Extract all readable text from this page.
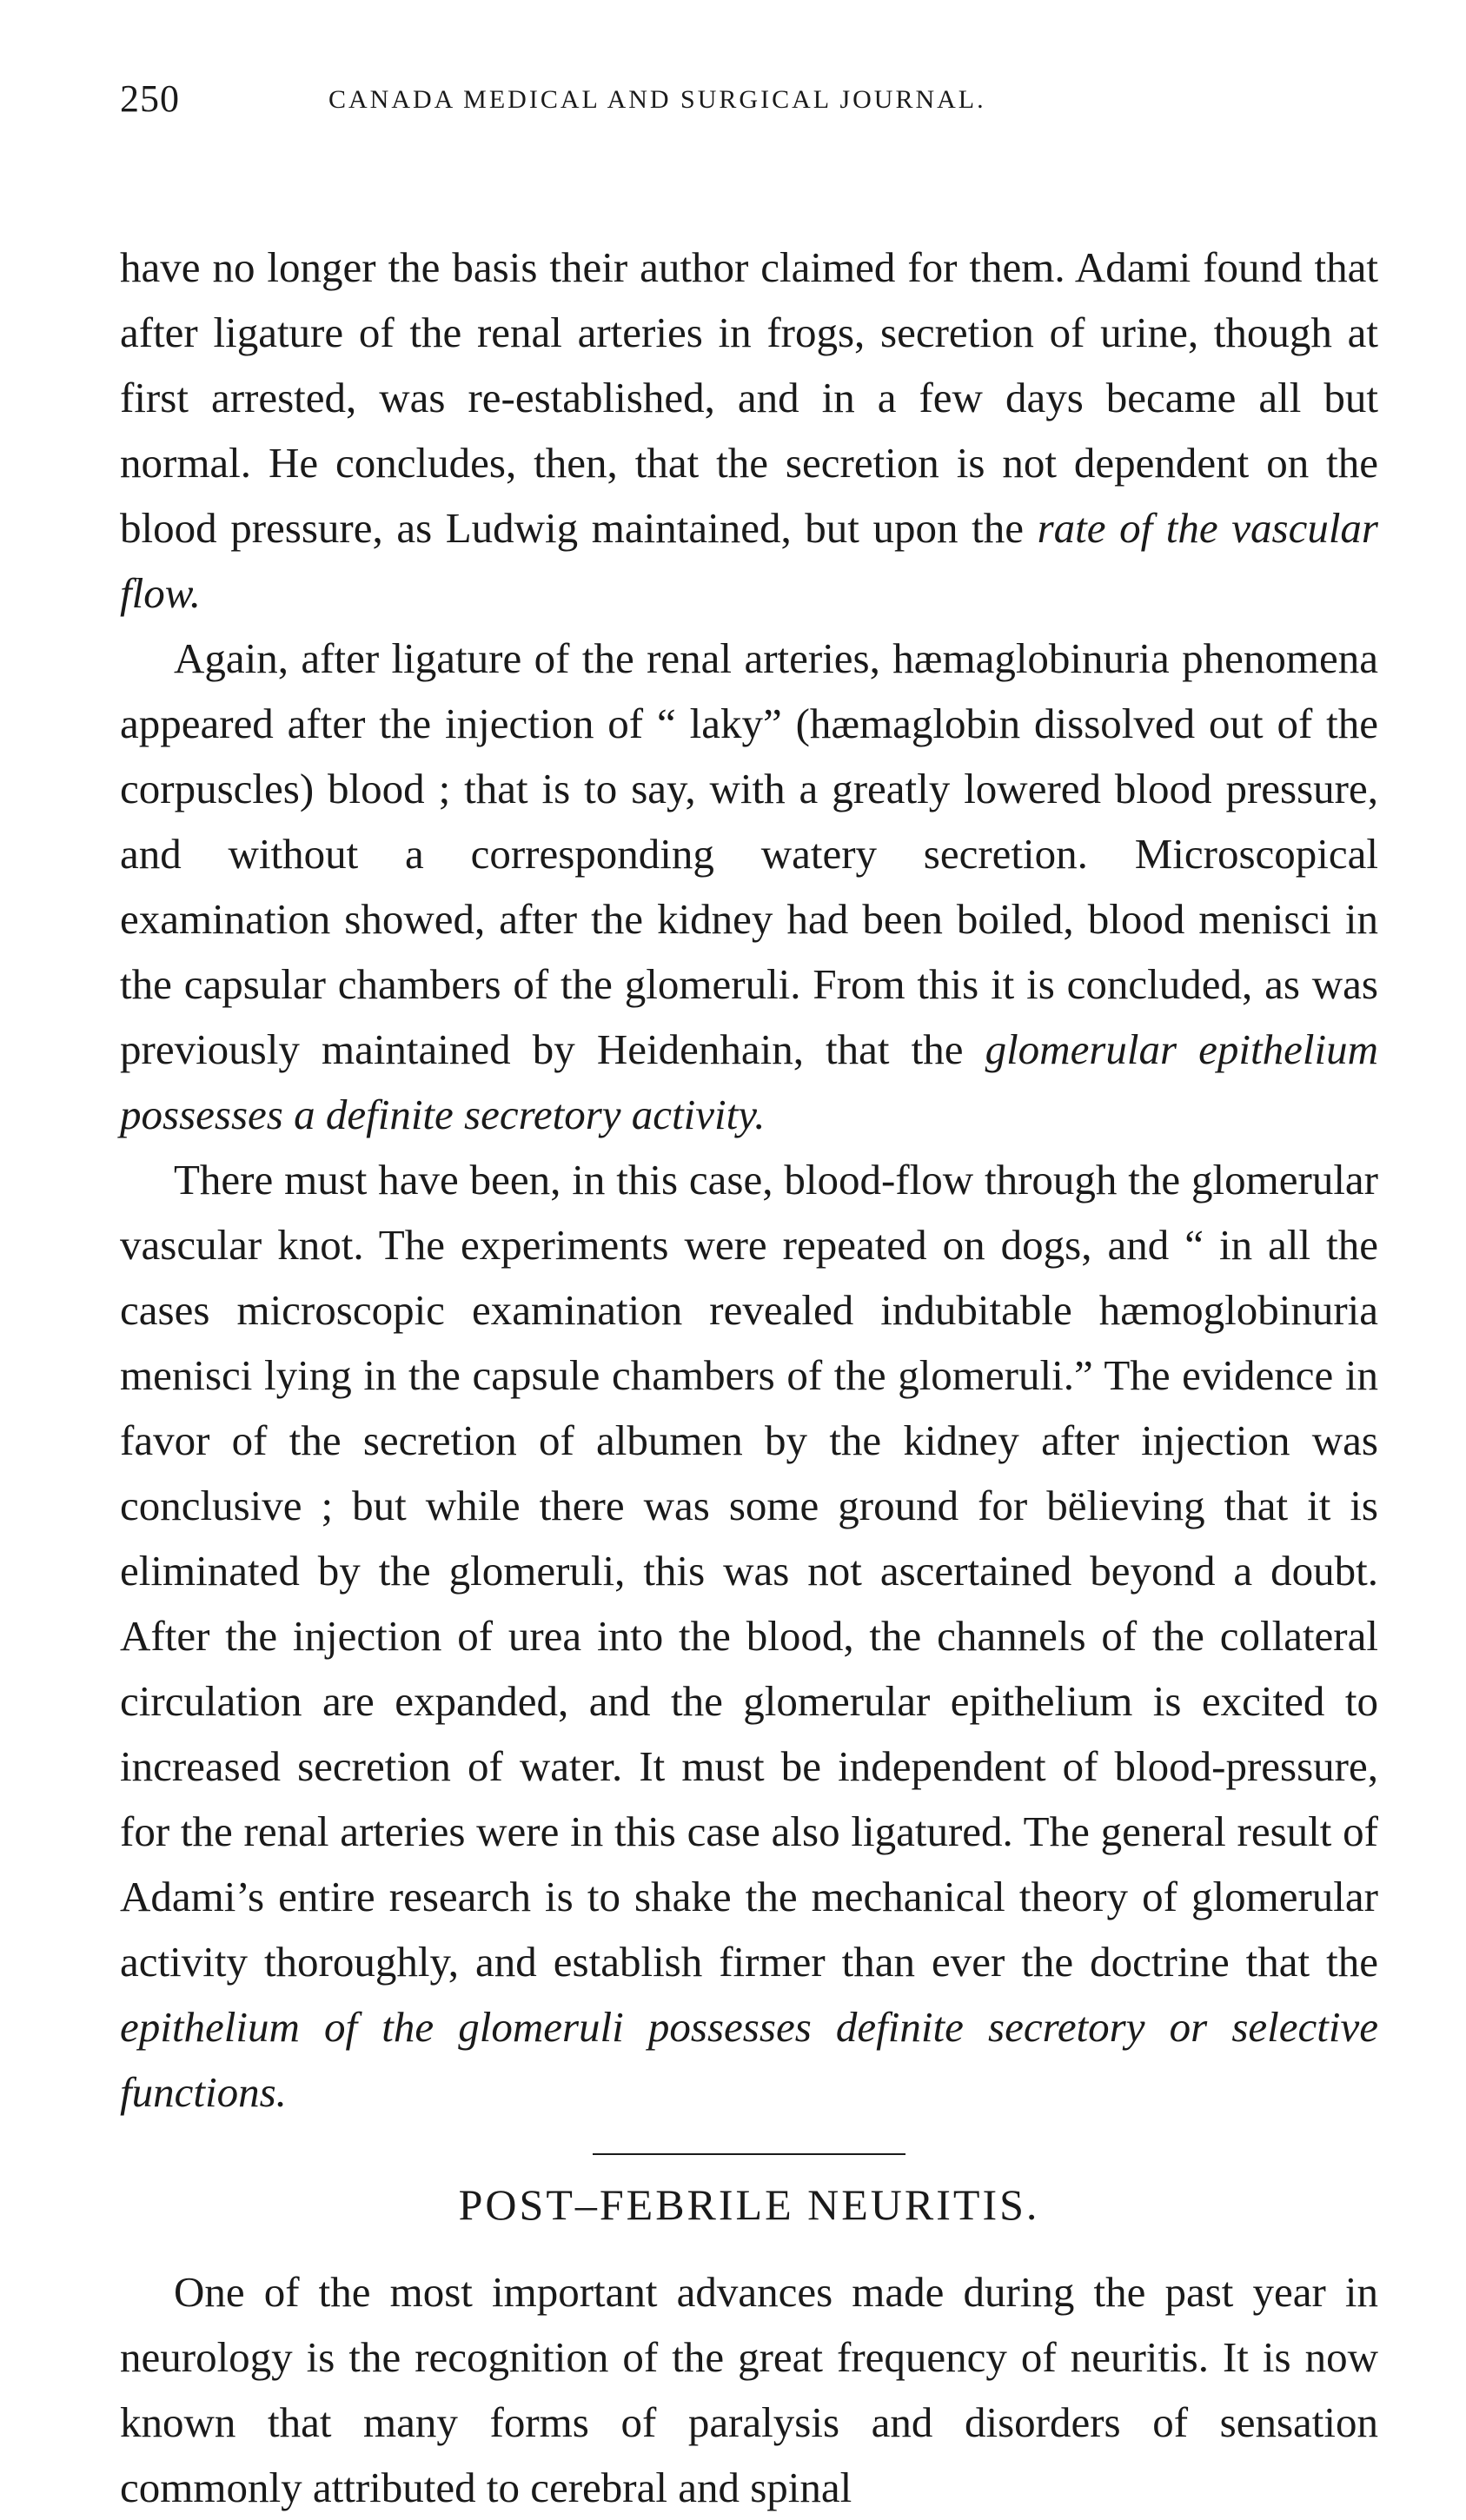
250	CANADA MEDICAL AND SURGICAL JOURNAL.

have no longer the basis their author claimed for them. Adami found that after ligature of the renal arteries in frogs, secretion of urine, though at first arrested, was re-established, and in a few days became all but normal. He concludes, then, that the secretion is not dependent on the blood pressure, as Ludwig maintained, but upon the rate of the vascular flow.

Again, after ligature of the renal arteries, hæmaglobinuria phenomena appeared after the injection of “ laky” (hæmaglobin dissolved out of the corpuscles) blood ; that is to say, with a greatly lowered blood pressure, and without a corresponding watery secretion. Microscopical examination showed, after the kidney had been boiled, blood menisci in the capsular chambers of the glomeruli. From this it is concluded, as was previously maintained by Heidenhain, that the glomerular epithelium possesses a definite secretory activity.

There must have been, in this case, blood-flow through the glomerular vascular knot. The experiments were repeated on dogs, and “ in all the cases microscopic examination revealed indubitable hæmoglobinuria menisci lying in the capsule chambers of the glomeruli.” The evidence in favor of the secretion of albumen by the kidney after injection was conclusive ; but while there was some ground for bëlieving that it is eliminated by the glomeruli, this was not ascertained beyond a doubt. After the injection of urea into the blood, the channels of the collateral circulation are expanded, and the glomerular epithelium is excited to increased secretion of water. It must be independent of blood-pressure, for the renal arteries were in this case also ligatured. The general result of Adami’s entire research is to shake the mechanical theory of glomerular activity thoroughly, and establish firmer than ever the doctrine that the epithelium of the glomeruli possesses definite secretory or selective functions.

POST–FEBRILE NEURITIS.

One of the most important advances made during the past year in neurology is the recognition of the great frequency of neuritis. It is now known that many forms of paralysis and disorders of sensation commonly attributed to cerebral and spinal
